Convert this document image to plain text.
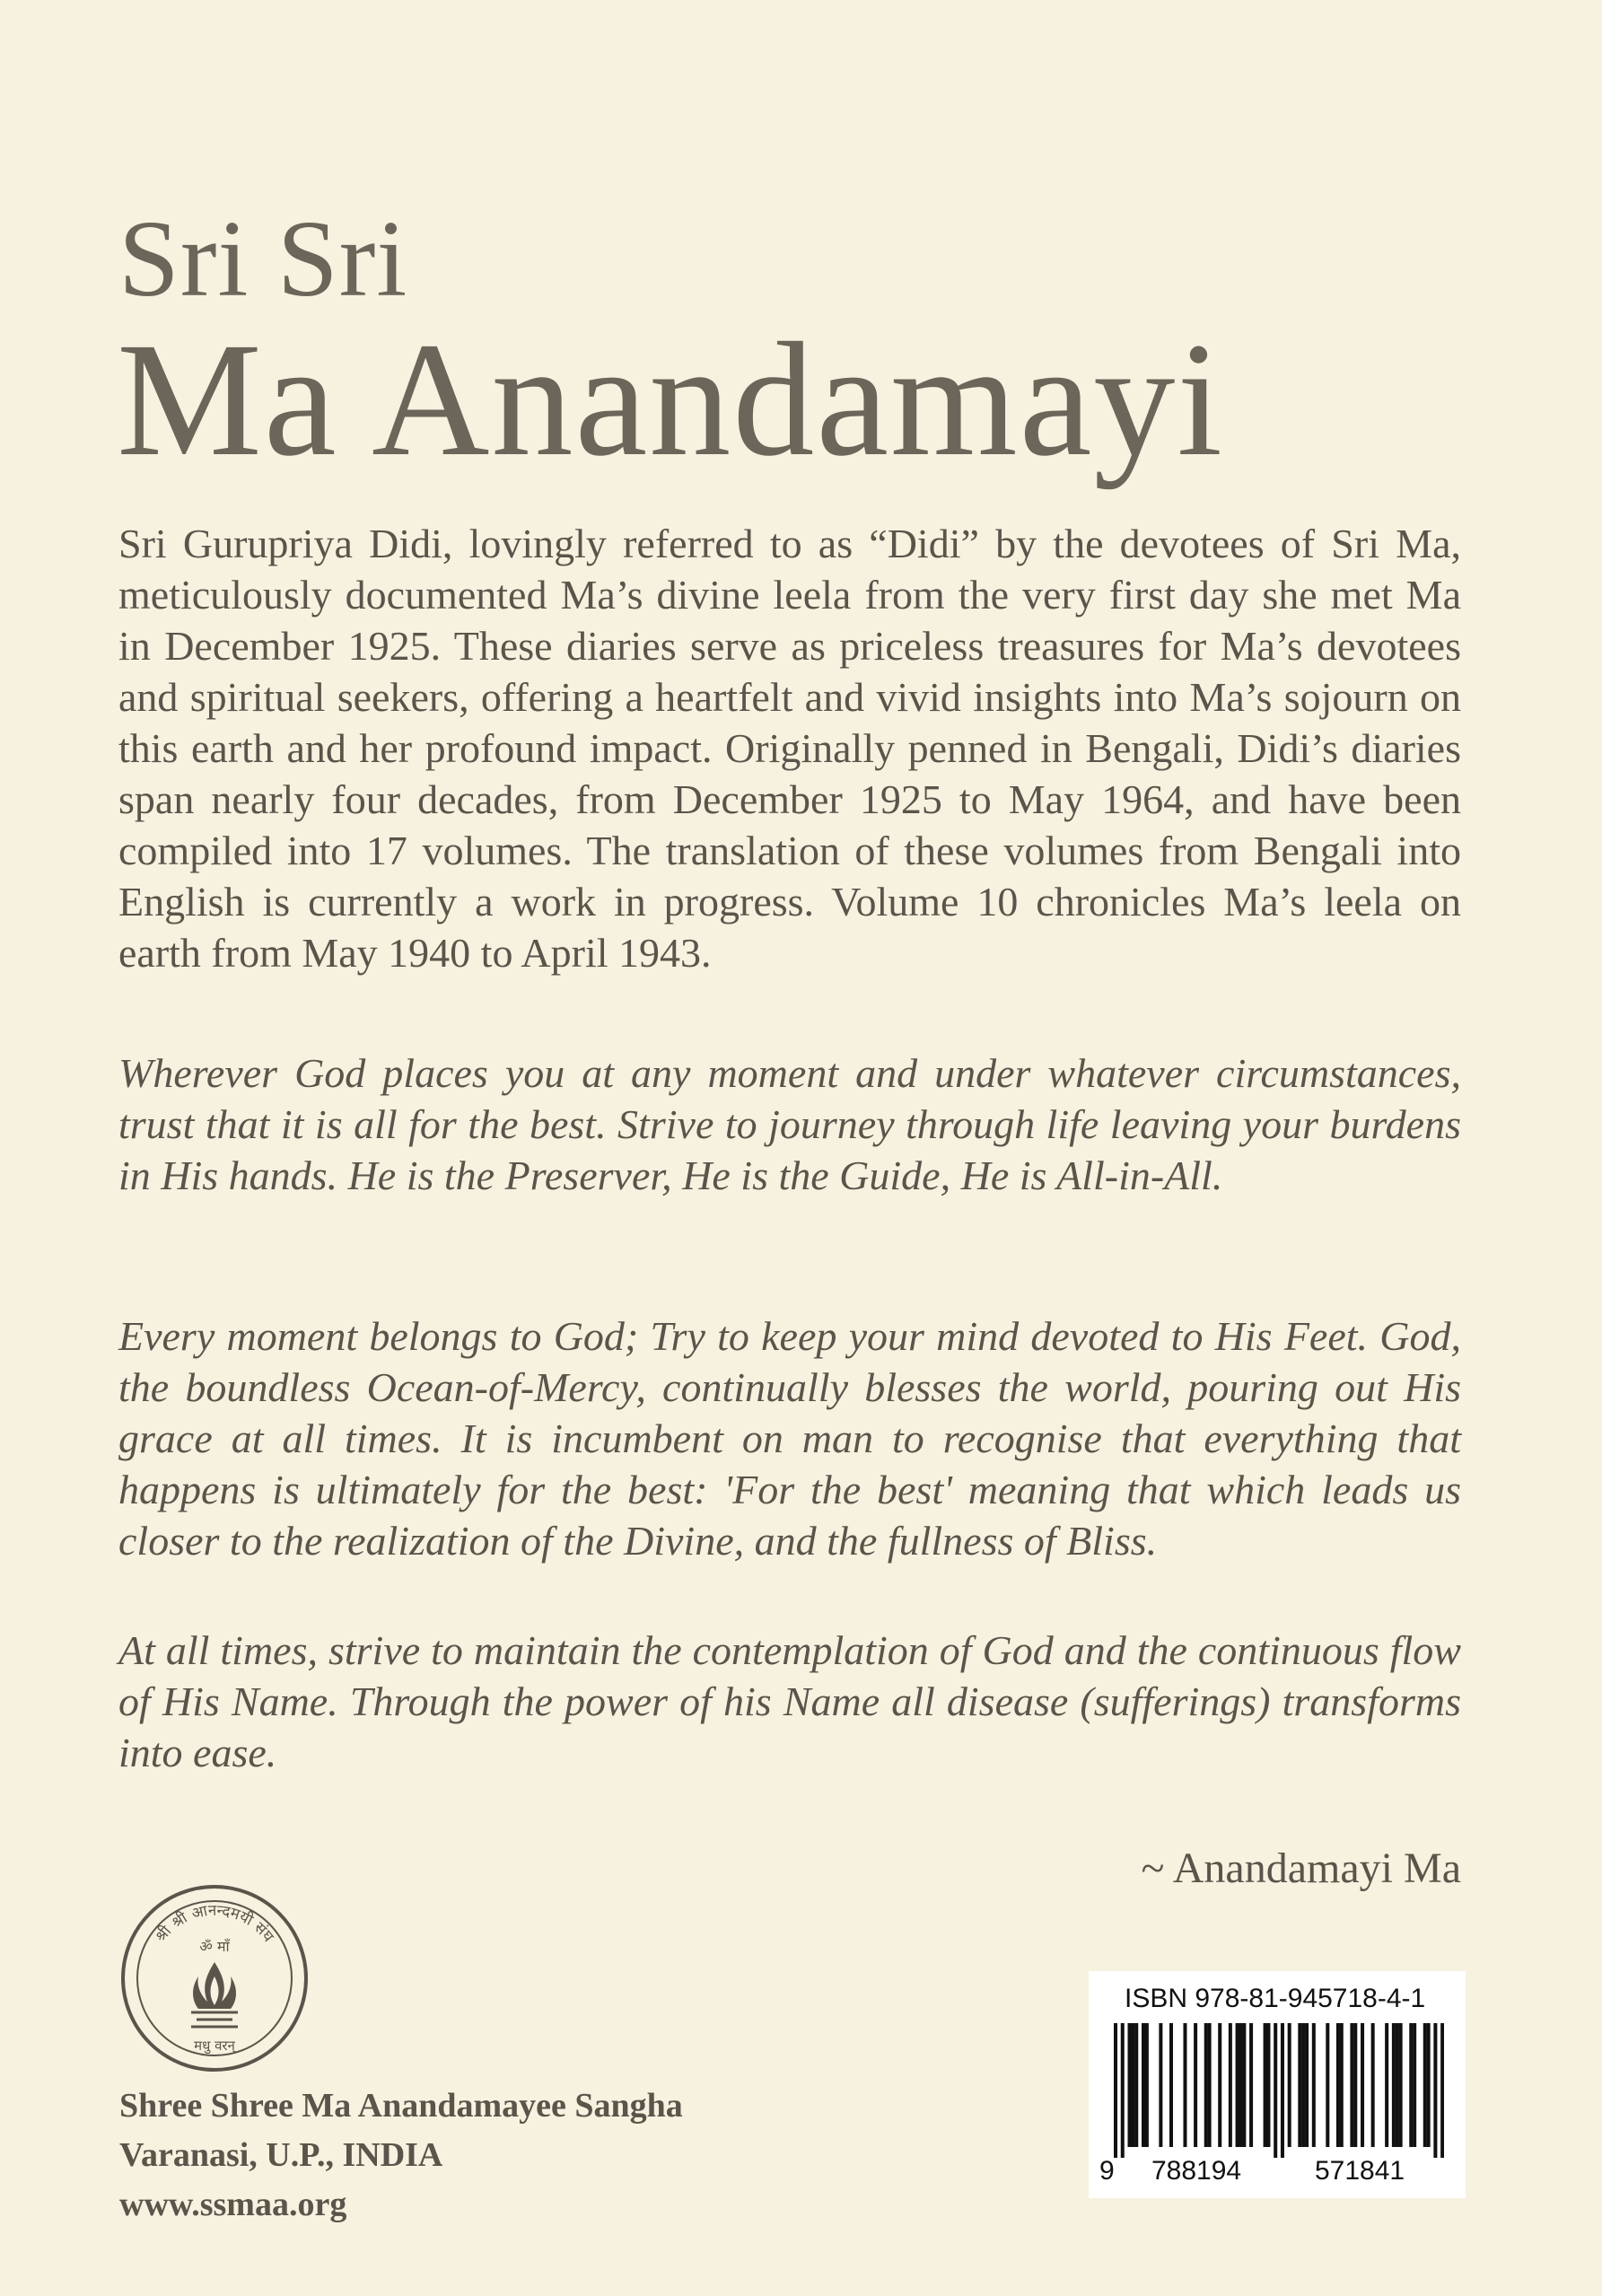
Sri Sri
Ma Anandamayi
Sri Gurupriya Didi, lovingly referred to as “Didi” by the devotees of Sri Ma, meticulously documented Ma’s divine leela from the very first day she met Ma in December 1925. These diaries serve as priceless treasures for Ma’s devotees and spiritual seekers, offering a heartfelt and vivid insights into Ma’s sojourn on this earth and her profound impact. Originally penned in Bengali, Didi’s diaries span nearly four decades, from December 1925 to May 1964, and have been compiled into 17 volumes. The translation of these volumes from Bengali into English is currently a work in progress. Volume 10 chronicles Ma’s leela on earth from May 1940 to April 1943.
Wherever God places you at any moment and under whatever circumstances, trust that it is all for the best. Strive to journey through life leaving your burdens in His hands. He is the Preserver, He is the Guide, He is All-in-All.
Every moment belongs to God; Try to keep your mind devoted to His Feet. God, the boundless Ocean-of-Mercy, continually blesses the world, pouring out His grace at all times. It is incumbent on man to recognise that everything that happens is ultimately for the best: 'For the best' meaning that which leads us closer to the realization of the Divine, and the fullness of Bliss.
At all times, strive to maintain the contemplation of God and the continuous flow of His Name. Through the power of his Name all disease (sufferings) transforms into ease.
~ Anandamayi Ma
श्री श्री आनन्दमयी संघ
ॐ माँ
मधु वरन्
Shree Shree Ma Anandamayee Sangha
Varanasi, U.P., INDIA
www.ssmaa.org
ISBN 978-81-945718-4-1
9 788194	571841
